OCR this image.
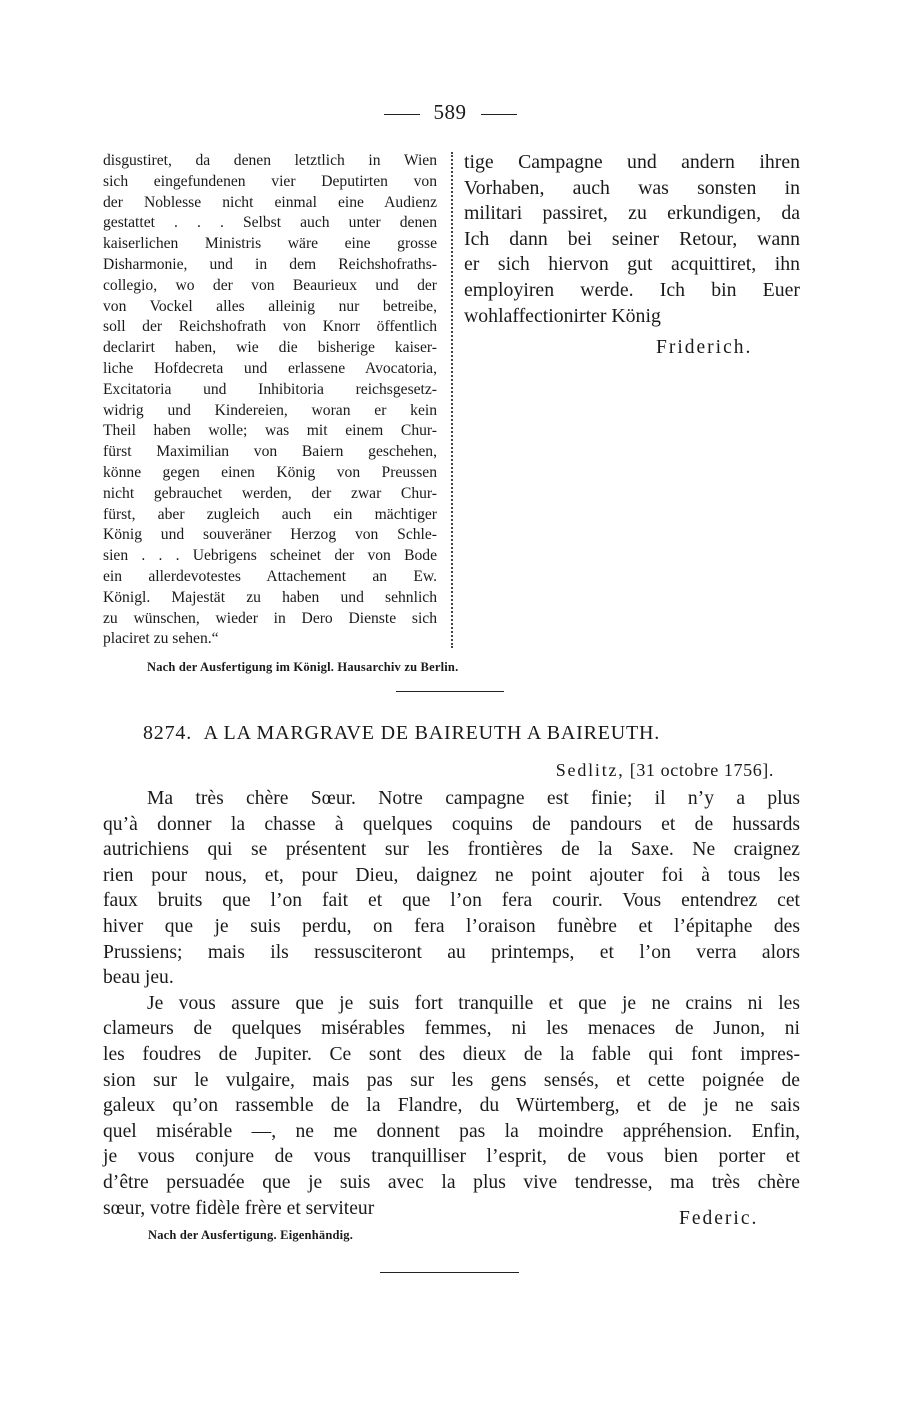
589
disgustiret, da denen letztlich in Wien
sich eingefundenen vier Deputirten von
der Noblesse nicht einmal eine Audienz
gestattet . . . Selbst auch unter denen
kaiserlichen Ministris wäre eine grosse
Disharmonie, und in dem Reichshofraths-
collegio, wo der von Beaurieux und der
von Vockel alles alleinig nur betreibe,
soll der Reichshofrath von Knorr öffentlich
declarirt haben, wie die bisherige kaiser-
liche Hofdecreta und erlassene Avocatoria,
Excitatoria und Inhibitoria reichsgesetz-
widrig und Kindereien, woran er kein
Theil haben wolle; was mit einem Chur-
fürst Maximilian von Baiern geschehen,
könne gegen einen König von Preussen
nicht gebrauchet werden, der zwar Chur-
fürst, aber zugleich auch ein mächtiger
König und souveräner Herzog von Schle-
sien . . . Uebrigens scheinet der von Bode
ein allerdevotestes Attachement an Ew.
Königl. Majestät zu haben und sehnlich
zu wünschen, wieder in Dero Dienste sich
placiret zu sehen.“
tige Campagne und andern ihren
Vorhaben, auch was sonsten in
militari passiret, zu erkundigen, da
Ich dann bei seiner Retour, wann
er sich hiervon gut acquittiret, ihn
employiren werde. Ich bin Euer
wohlaffectionirter König
Friderich.
Nach der Ausfertigung im Königl. Hausarchiv zu Berlin.
8274. A LA MARGRAVE DE BAIREUTH A BAIREUTH.
Sedlitz, [31 octobre 1756].
Ma très chère Sœur. Notre campagne est finie; il n’y a plus
qu’à donner la chasse à quelques coquins de pandours et de hussards
autrichiens qui se présentent sur les frontières de la Saxe. Ne craignez
rien pour nous, et, pour Dieu, daignez ne point ajouter foi à tous les
faux bruits que l’on fait et que l’on fera courir. Vous entendrez cet
hiver que je suis perdu, on fera l’oraison funèbre et l’épitaphe des
Prussiens; mais ils ressusciteront au printemps, et l’on verra alors
beau jeu.
Je vous assure que je suis fort tranquille et que je ne crains ni les
clameurs de quelques misérables femmes, ni les menaces de Junon, ni
les foudres de Jupiter. Ce sont des dieux de la fable qui font impres-
sion sur le vulgaire, mais pas sur les gens sensés, et cette poignée de
galeux qu’on rassemble de la Flandre, du Würtemberg, et de je ne sais
quel misérable —, ne me donnent pas la moindre appréhension. Enfin,
je vous conjure de vous tranquilliser l’esprit, de vous bien porter et
d’être persuadée que je suis avec la plus vive tendresse, ma très chère
sœur, votre fidèle frère et serviteur	Federic.
Nach der Ausfertigung. Eigenhändig.
